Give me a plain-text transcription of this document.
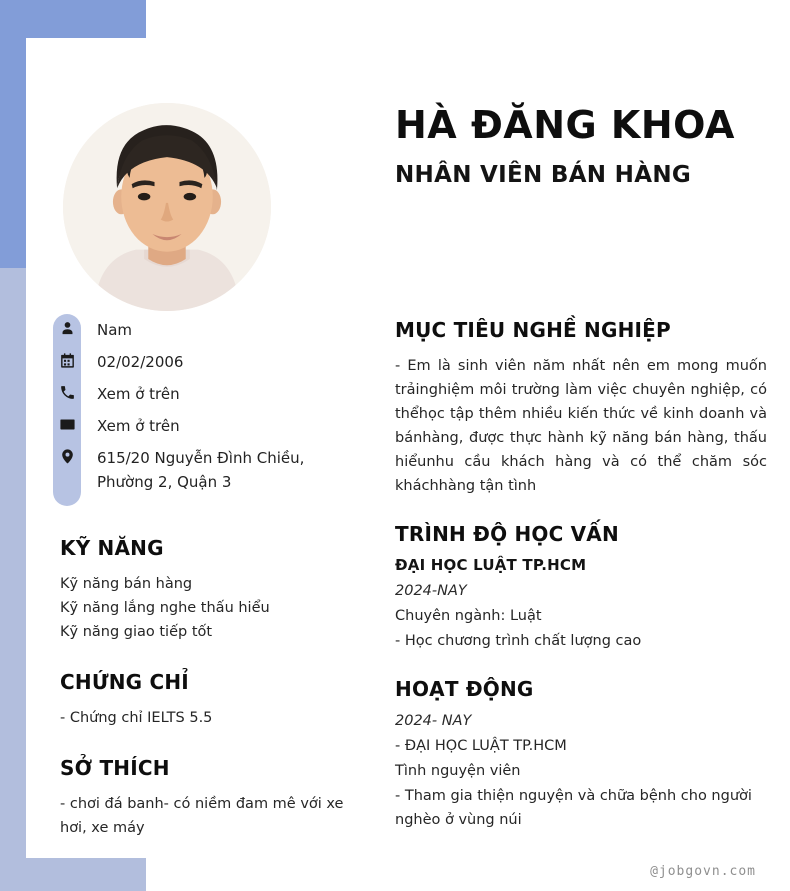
HÀ ĐĂNG KHOA
NHÂN VIÊN BÁN HÀNG
Nam
02/02/2006
Xem ở trên
Xem ở trên
615/20 Nguyễn Đình Chiều, Phường 2, Quận 3
KỸ NĂNG
Kỹ năng bán hàng
Kỹ năng lắng nghe thấu hiểu
Kỹ năng giao tiếp tốt
CHỨNG CHỈ
- Chứng chỉ IELTS 5.5
SỞ THÍCH
- chơi đá banh- có niềm đam mê với xe hơi, xe máy
MỤC TIÊU NGHỀ NGHIỆP

- Em là sinh viên năm nhất nên em mong muốn trảinghiệm môi trường làm việc chuyên nghiệp, có thểhọc tập thêm nhiều kiến thức về kinh doanh và bánhàng, được thực hành kỹ năng bán hàng, thấu hiểunhu cầu khách hàng và có thể chăm sóc kháchhàng tận tình

TRÌNH ĐỘ HỌC VẤN
ĐẠI HỌC LUẬT TP.HCM
2024-NAY
Chuyên ngành: Luật
- Học chương trình chất lượng cao
HOẠT ĐỘNG
2024- NAY
- ĐẠI HỌC LUẬT TP.HCM
Tình nguyện viên
- Tham gia thiện nguyện và chữa bệnh cho người nghèo ở vùng núi
@jobgovn.com
